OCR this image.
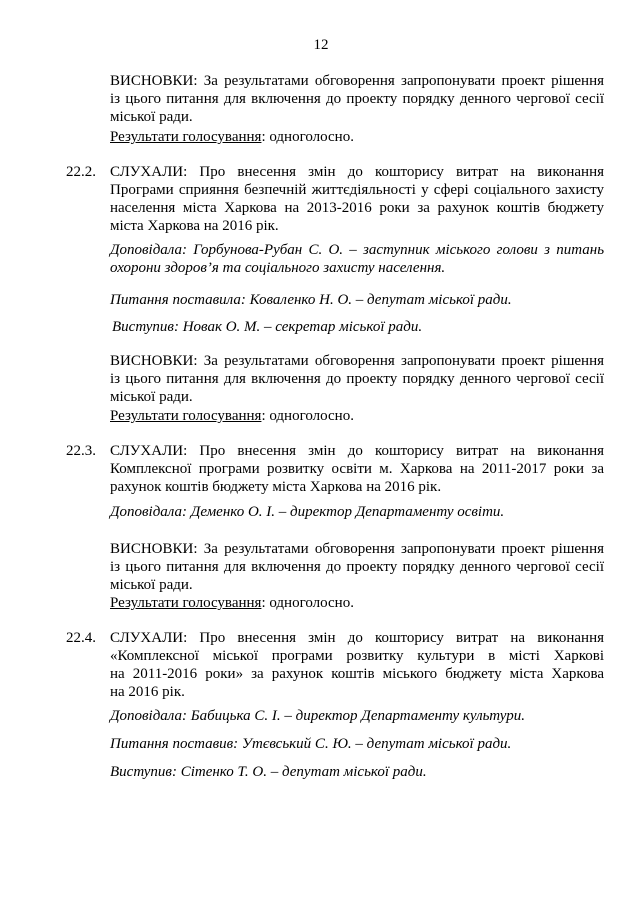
12
ВИСНОВКИ: За результатами обговорення запропонувати проект рішення
із цього питання для включення до проекту порядку денного чергової сесії
міської ради.
Результати голосування: одноголосно.
22.2. СЛУХАЛИ: Про внесення змін до кошторису витрат на виконання
Програми сприяння безпечній життєдіяльності у сфері соціального захисту
населення міста Харкова на 2013-2016 роки за рахунок коштів бюджету
міста Харкова на 2016 рік.
Доповідала: Горбунова-Рубан С. О. – заступник міського голови з питань
охорони здоров’я та соціального захисту населення.
Питання поставила: Коваленко Н. О. – депутат міської ради.
Виступив: Новак О. М. – секретар міської ради.
ВИСНОВКИ: За результатами обговорення запропонувати проект рішення
із цього питання для включення до проекту порядку денного чергової сесії
міської ради.
Результати голосування: одноголосно.
22.3. СЛУХАЛИ: Про внесення змін до кошторису витрат на виконання
Комплексної програми розвитку освіти м. Харкова на 2011-2017 роки за
рахунок коштів бюджету міста Харкова на 2016 рік.
Доповідала: Деменко О. І. – директор Департаменту освіти.
ВИСНОВКИ: За результатами обговорення запропонувати проект рішення
із цього питання для включення до проекту порядку денного чергової сесії
міської ради.
Результати голосування: одноголосно.
22.4. СЛУХАЛИ: Про внесення змін до кошторису витрат на виконання
«Комплексної міської програми розвитку культури в місті Харкові
на 2011-2016 роки» за рахунок коштів міського бюджету міста Харкова
на 2016 рік.
Доповідала: Бабицька С. І. – директор Департаменту культури.
Питання поставив: Утєвський С. Ю. – депутат міської ради.
Виступив: Сітенко Т. О. – депутат міської ради.
